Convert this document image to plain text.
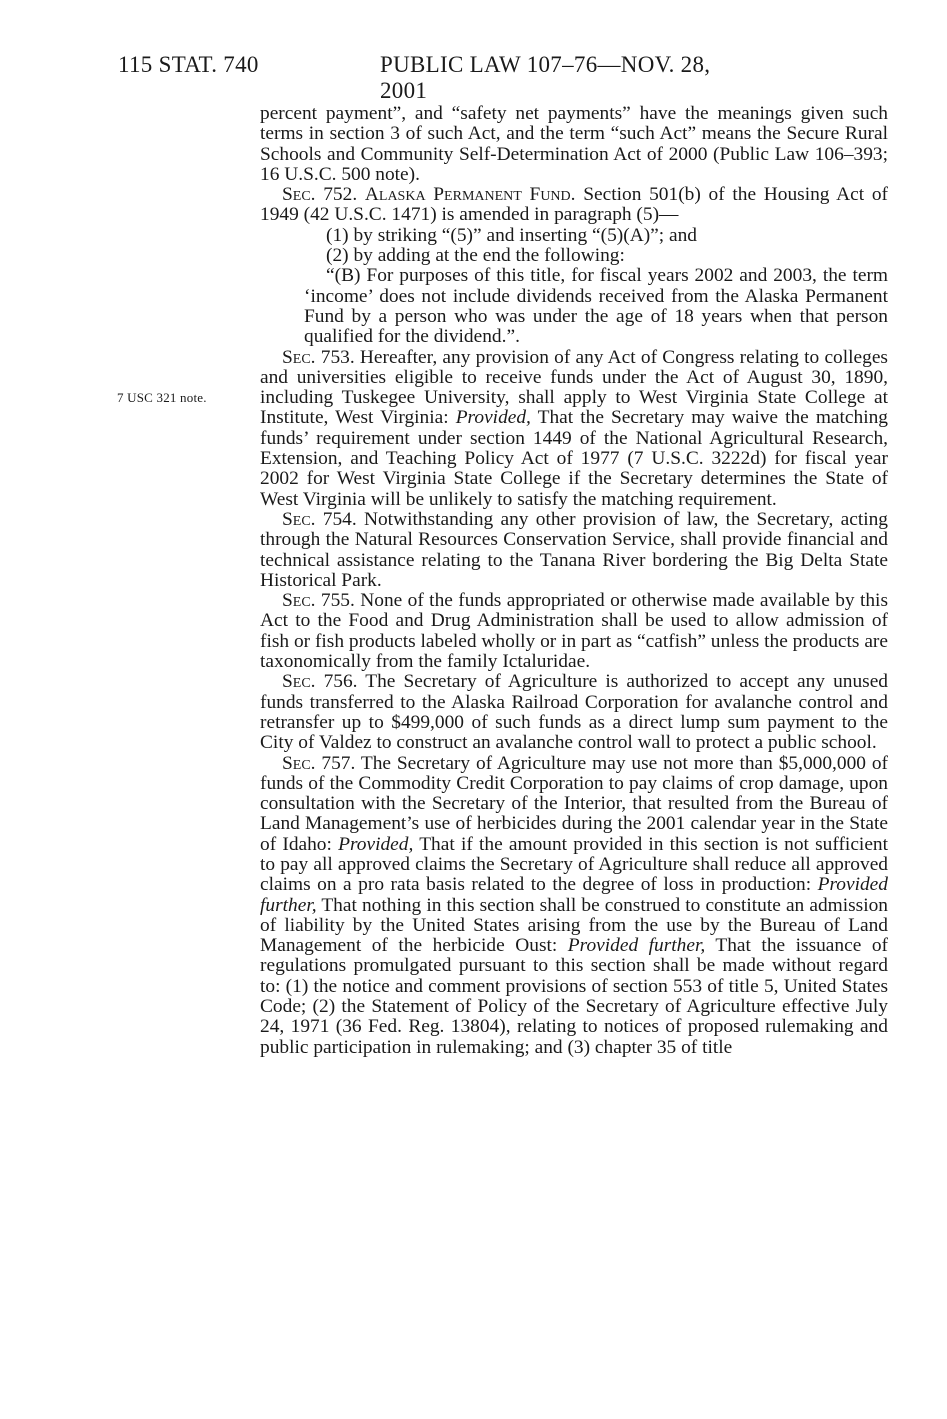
115 STAT. 740	PUBLIC LAW 107–76—NOV. 28, 2001
7 USC 321 note.

percent payment”, and “safety net payments” have the meanings given such terms in section 3 of such Act, and the term “such Act” means the Secure Rural Schools and Community Self-Determination Act of 2000 (Public Law 106–393; 16 U.S.C. 500 note).

Sec. 752. Alaska Permanent Fund. Section 501(b) of the Housing Act of 1949 (42 U.S.C. 1471) is amended in paragraph (5)—

(1) by striking “(5)” and inserting “(5)(A)”; and

(2) by adding at the end the following:

“(B) For purposes of this title, for fiscal years 2002 and 2003, the term ‘income’ does not include dividends received from the Alaska Permanent Fund by a person who was under the age of 18 years when that person qualified for the dividend.”.

Sec. 753. Hereafter, any provision of any Act of Congress relating to colleges and universities eligible to receive funds under the Act of August 30, 1890, including Tuskegee University, shall apply to West Virginia State College at Institute, West Virginia: Provided, That the Secretary may waive the matching funds’ requirement under section 1449 of the National Agricultural Research, Extension, and Teaching Policy Act of 1977 (7 U.S.C. 3222d) for fiscal year 2002 for West Virginia State College if the Secretary determines the State of West Virginia will be unlikely to satisfy the matching requirement.

Sec. 754. Notwithstanding any other provision of law, the Secretary, acting through the Natural Resources Conservation Service, shall provide financial and technical assistance relating to the Tanana River bordering the Big Delta State Historical Park.

Sec. 755. None of the funds appropriated or otherwise made available by this Act to the Food and Drug Administration shall be used to allow admission of fish or fish products labeled wholly or in part as “catfish” unless the products are taxonomically from the family Ictaluridae.

Sec. 756. The Secretary of Agriculture is authorized to accept any unused funds transferred to the Alaska Railroad Corporation for avalanche control and retransfer up to $499,000 of such funds as a direct lump sum payment to the City of Valdez to construct an avalanche control wall to protect a public school.

Sec. 757. The Secretary of Agriculture may use not more than $5,000,000 of funds of the Commodity Credit Corporation to pay claims of crop damage, upon consultation with the Secretary of the Interior, that resulted from the Bureau of Land Management’s use of herbicides during the 2001 calendar year in the State of Idaho: Provided, That if the amount provided in this section is not sufficient to pay all approved claims the Secretary of Agriculture shall reduce all approved claims on a pro rata basis related to the degree of loss in production: Provided further, That nothing in this section shall be construed to constitute an admission of liability by the United States arising from the use by the Bureau of Land Management of the herbicide Oust: Provided further, That the issuance of regulations promulgated pursuant to this section shall be made without regard to: (1) the notice and comment provisions of section 553 of title 5, United States Code; (2) the Statement of Policy of the Secretary of Agriculture effective July 24, 1971 (36 Fed. Reg. 13804), relating to notices of proposed rulemaking and public participation in rulemaking; and (3) chapter 35 of title
